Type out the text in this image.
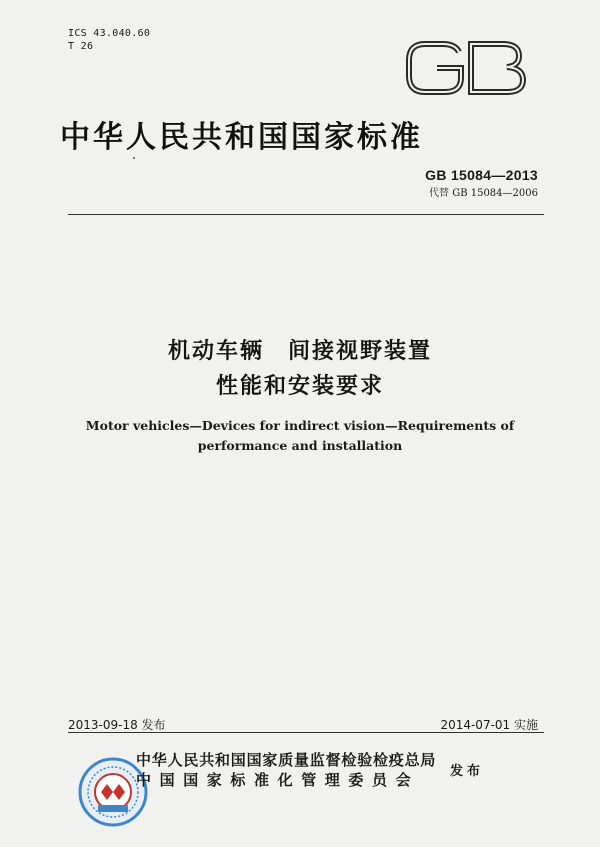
ICS 43.040.60
T 26
中华人民共和国国家标准
GB 15084—2013
代替 GB 15084—2006
机动车辆　间接视野装置
性能和安装要求
Motor vehicles—Devices for indirect vision—Requirements of
performance and installation
2013-09-18 发布	2014-07-01 实施
中华人民共和国国家质量监督检验检疫总局
中国国家标准化管理委员会	发布
